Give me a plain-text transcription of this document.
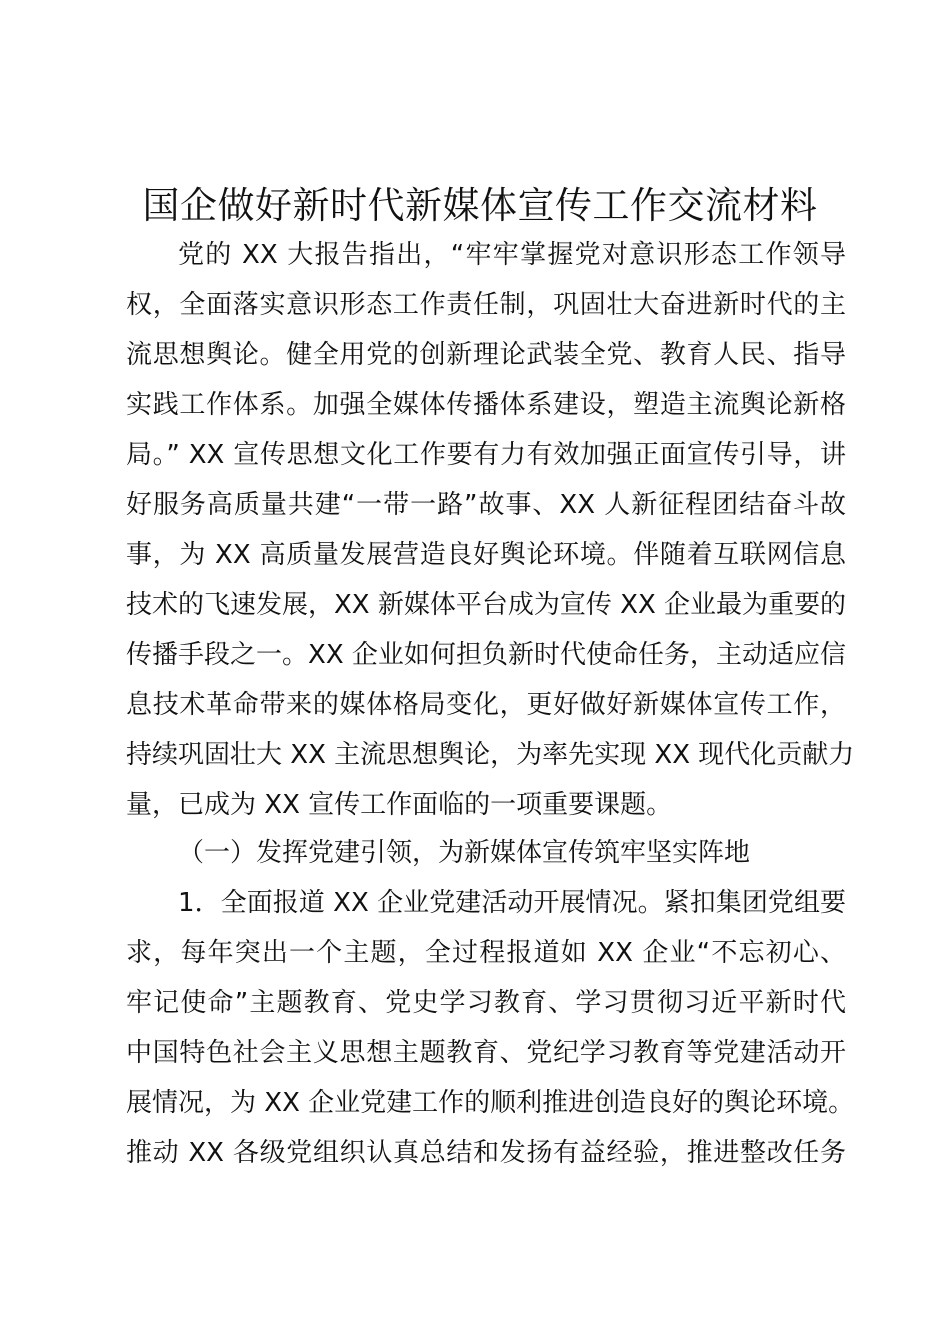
国企做好新时代新媒体宣传工作交流材料
党的 XX 大报告指出，“牢牢掌握党对意识形态工作领导
权，全面落实意识形态工作责任制，巩固壮大奋进新时代的主
流思想舆论。健全用党的创新理论武装全党、教育人民、指导
实践工作体系。加强全媒体传播体系建设，塑造主流舆论新格
局。” XX 宣传思想文化工作要有力有效加强正面宣传引导，讲
好服务高质量共建“一带一路”故事、XX 人新征程团结奋斗故
事，为 XX 高质量发展营造良好舆论环境。伴随着互联网信息
技术的飞速发展，XX 新媒体平台成为宣传 XX 企业最为重要的
传播手段之一。XX 企业如何担负新时代使命任务，主动适应信
息技术革命带来的媒体格局变化，更好做好新媒体宣传工作，
持续巩固壮大 XX 主流思想舆论，为率先实现 XX 现代化贡献力
量，已成为 XX 宣传工作面临的一项重要课题。
（一）发挥党建引领，为新媒体宣传筑牢坚实阵地
1．全面报道 XX 企业党建活动开展情况。紧扣集团党组要
求，每年突出一个主题，全过程报道如 XX 企业“不忘初心、
牢记使命”主题教育、党史学习教育、学习贯彻习近平新时代
中国特色社会主义思想主题教育、党纪学习教育等党建活动开
展情况，为 XX 企业党建工作的顺利推进创造良好的舆论环境。
推动 XX 各级党组织认真总结和发扬有益经验，推进整改任务
